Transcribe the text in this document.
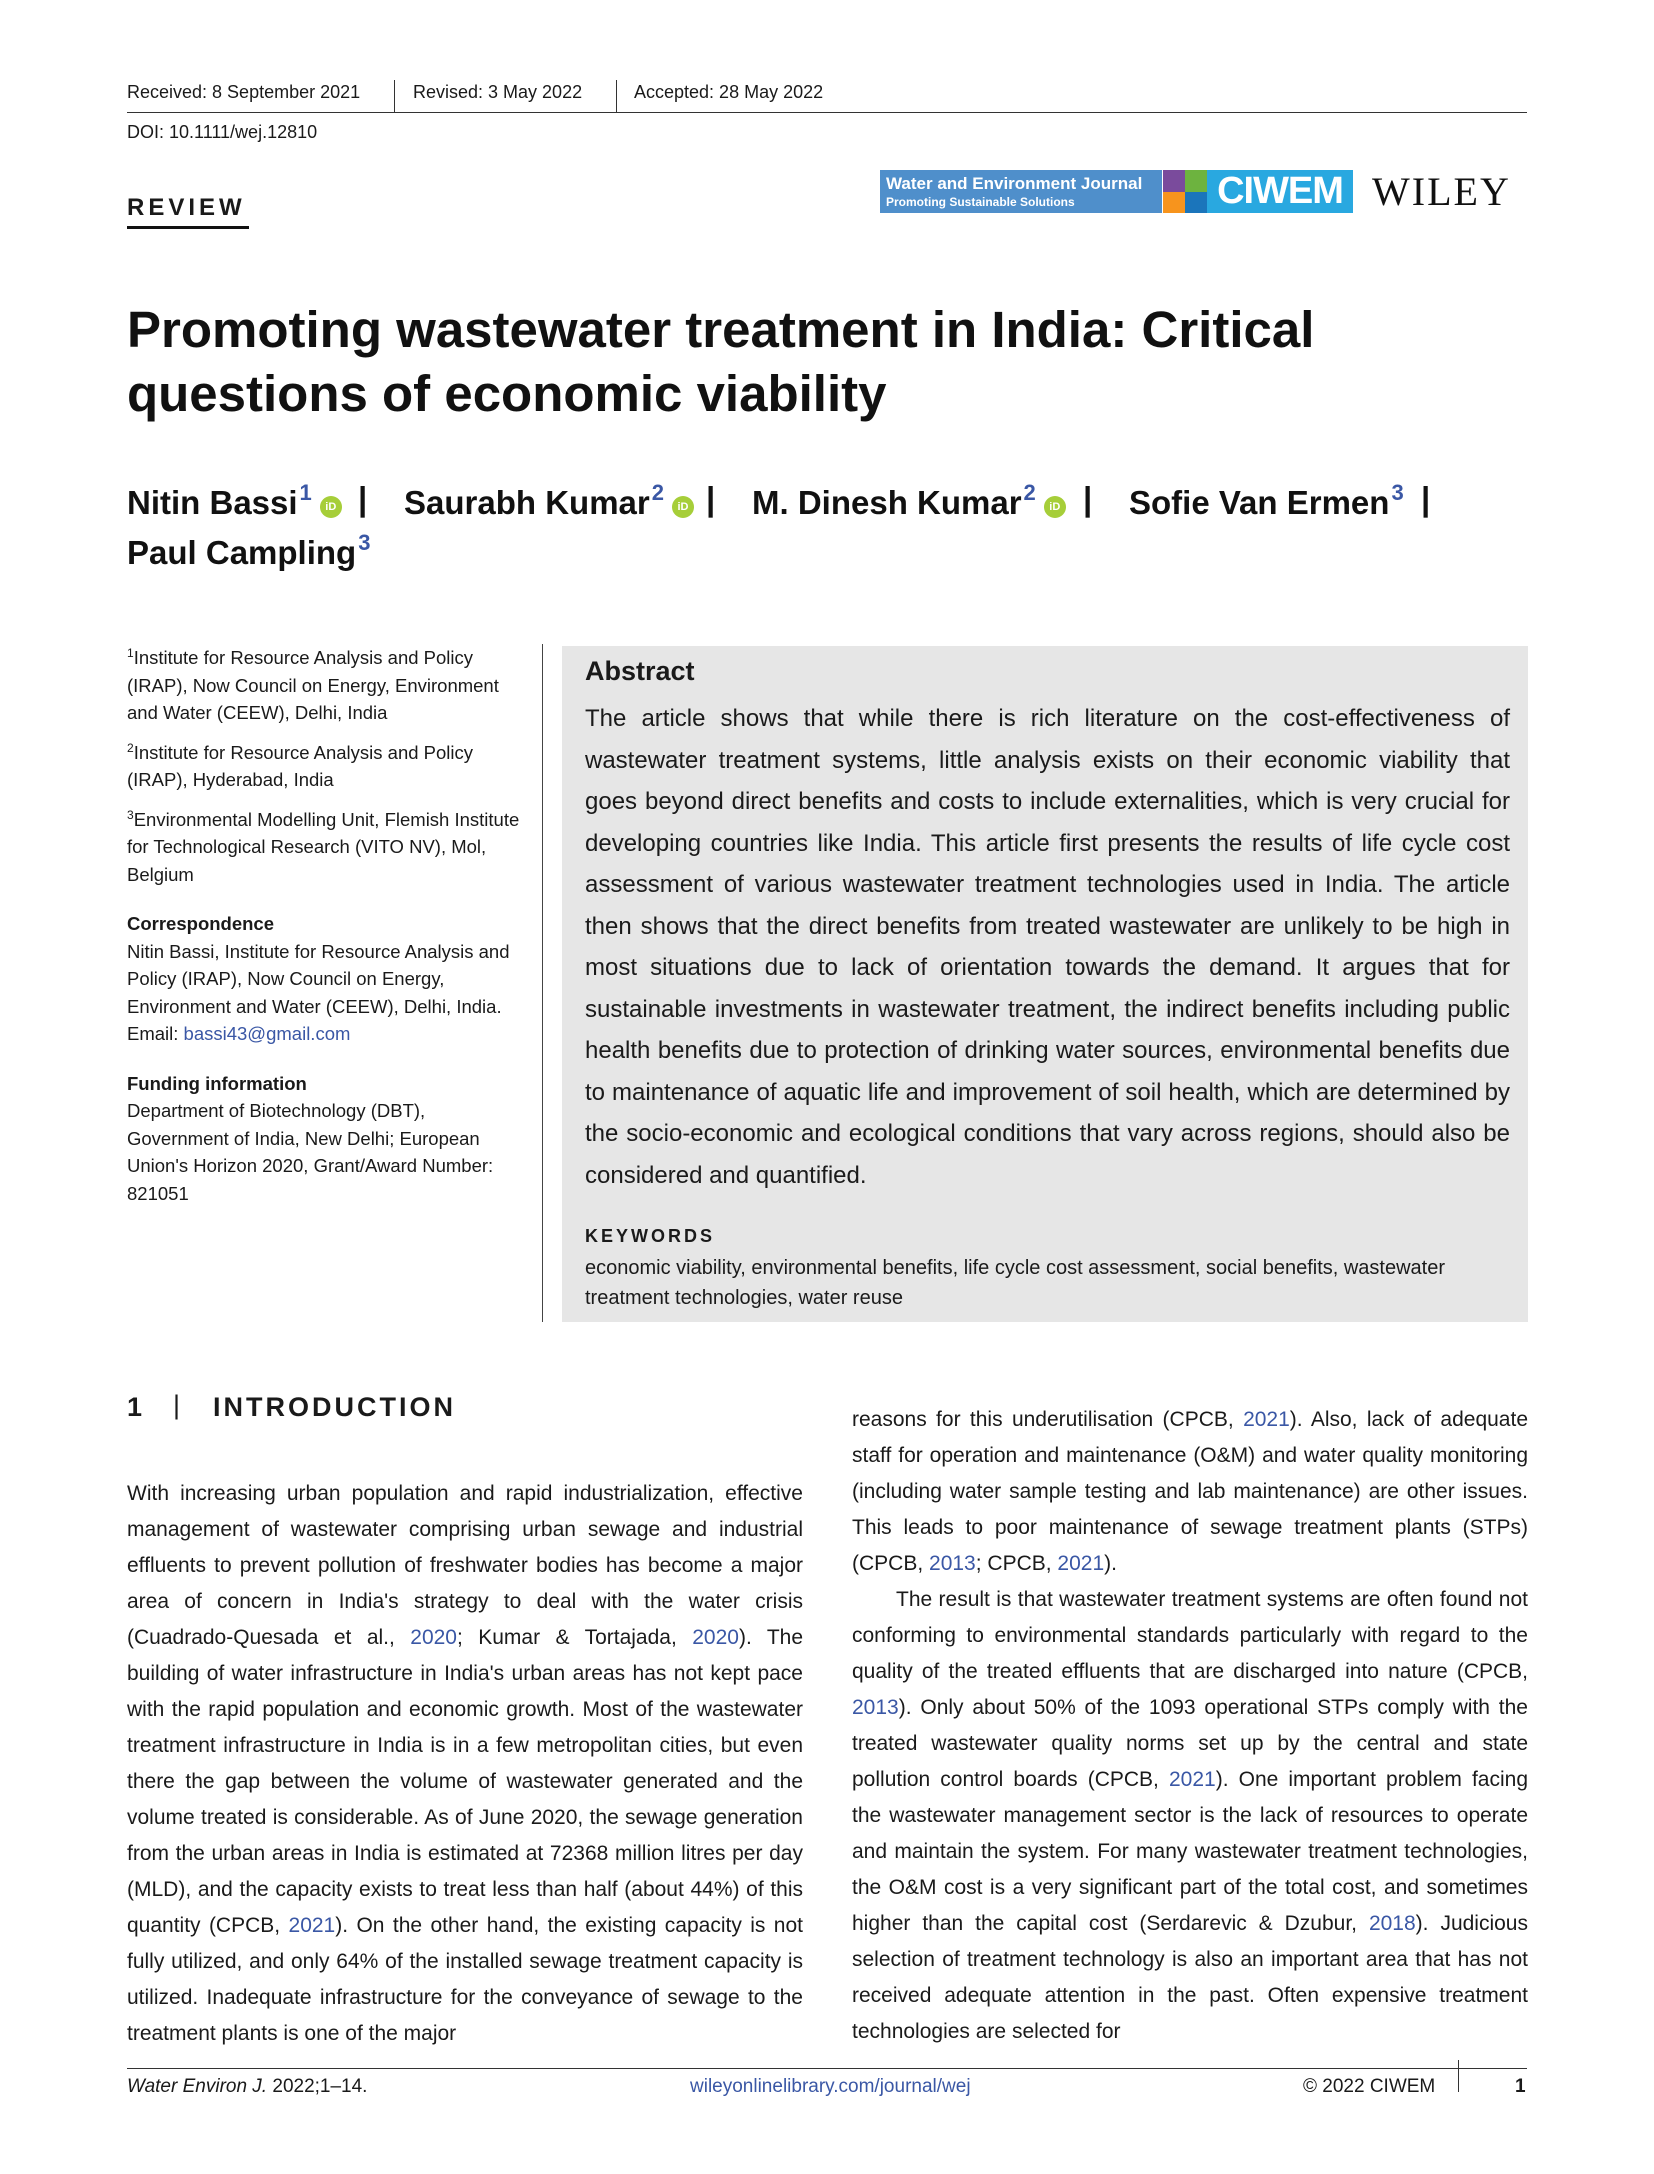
Received: 8 September 2021	Revised: 3 May 2022	Accepted: 28 May 2022
DOI: 10.1111/wej.12810
REVIEW
Water and Environment Journal
Promoting Sustainable Solutions	CIWEM WILEY
Promoting wastewater treatment in India: Critical questions of economic viability
Nitin Bassi$^1$iD | Saurabh Kumar$^2$iD | M. Dinesh Kumar$^2$iD | Sofie Van Ermen$^3$ |
Paul Campling$^3$
$^1$Institute for Resource Analysis and Policy (IRAP), Now Council on Energy, Environment and Water (CEEW), Delhi, India
$^2$Institute for Resource Analysis and Policy (IRAP), Hyderabad, India
$^3$Environmental Modelling Unit, Flemish Institute for Technological Research (VITO NV), Mol, Belgium
Correspondence
Nitin Bassi, Institute for Resource Analysis and Policy (IRAP), Now Council on Energy, Environment and Water (CEEW), Delhi, India.
Email: bassi43@gmail.com
Funding information
Department of Biotechnology (DBT), Government of India, New Delhi; European Union's Horizon 2020, Grant/Award Number: 821051
Abstract
The article shows that while there is rich literature on the cost-effectiveness of wastewater treatment systems, little analysis exists on their economic viability that goes beyond direct benefits and costs to include externalities, which is very crucial for developing countries like India. This article first presents the results of life cycle cost assessment of various wastewater treatment technologies used in India. The article then shows that the direct benefits from treated wastewater are unlikely to be high in most situations due to lack of orientation towards the demand. It argues that for sustainable investments in wastewater treatment, the indirect benefits including public health benefits due to protection of drinking water sources, environmental benefits due to maintenance of aquatic life and improvement of soil health, which are determined by the socio-economic and ecological conditions that vary across regions, should also be considered and quantified.
KEYWORDS
economic viability, environmental benefits, life cycle cost assessment, social benefits, wastewater treatment technologies, water reuse
1 | INTRODUCTION

With increasing urban population and rapid industrialization, effective management of wastewater comprising urban sewage and industrial effluents to prevent pollution of freshwater bodies has become a major area of concern in India's strategy to deal with the water crisis (Cuadrado-Quesada et al., 2020; Kumar & Tortajada, 2020). The building of water infrastructure in India's urban areas has not kept pace with the rapid population and economic growth. Most of the wastewater treatment infrastructure in India is in a few metropolitan cities, but even there the gap between the volume of wastewater generated and the volume treated is considerable. As of June 2020, the sewage generation from the urban areas in India is estimated at 72368 million litres per day (MLD), and the capacity exists to treat less than half (about 44%) of this quantity (CPCB, 2021). On the other hand, the existing capacity is not fully utilized, and only 64% of the installed sewage treatment capacity is utilized. Inadequate infrastructure for the conveyance of sewage to the treatment plants is one of the major

reasons for this underutilisation (CPCB, 2021). Also, lack of adequate staff for operation and maintenance (O&M) and water quality monitoring (including water sample testing and lab maintenance) are other issues. This leads to poor maintenance of sewage treatment plants (STPs) (CPCB, 2013; CPCB, 2021).

The result is that wastewater treatment systems are often found not conforming to environmental standards particularly with regard to the quality of the treated effluents that are discharged into nature (CPCB, 2013). Only about 50% of the 1093 operational STPs comply with the treated wastewater quality norms set up by the central and state pollution control boards (CPCB, 2021). One important problem facing the wastewater management sector is the lack of resources to operate and maintain the system. For many wastewater treatment technologies, the O&M cost is a very significant part of the total cost, and sometimes higher than the capital cost (Serdarevic & Dzubur, 2018). Judicious selection of treatment technology is also an important area that has not received adequate attention in the past. Often expensive treatment technologies are selected for

Water Environ J. 2022;1–14.	wileyonlinelibrary.com/journal/wej	© 2022 CIWEM	1
